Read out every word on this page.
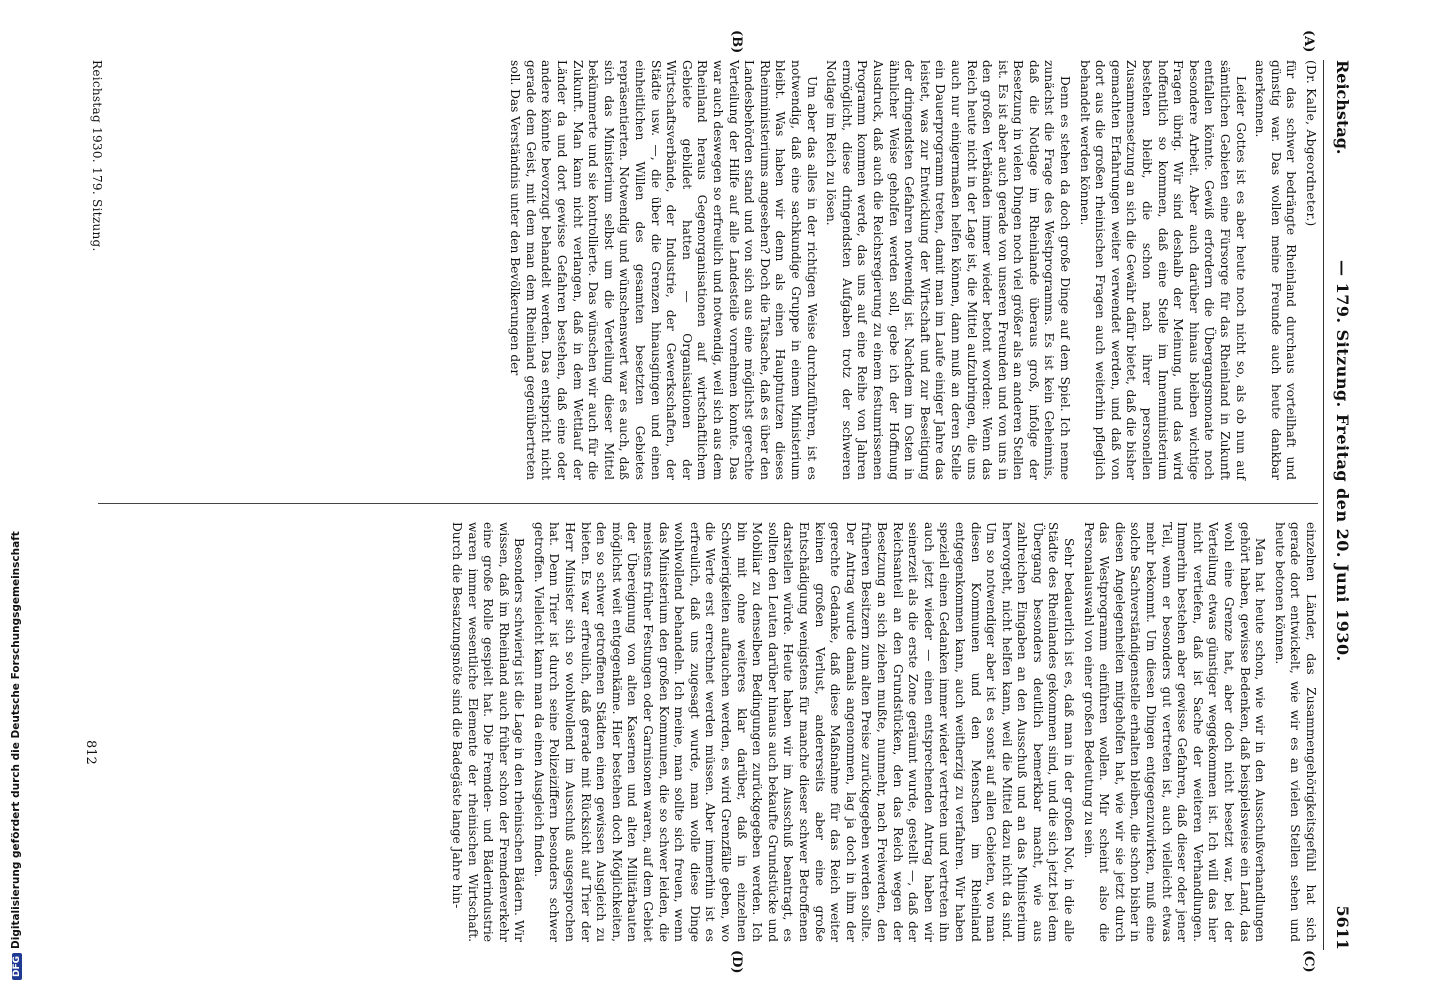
Reichstag.
— 179. Sitzung. Freitag den 20. Juni 1930.
5611
(A)
(B)
(C)
(D)

(Dr. Kalle, Abgeordneter.)

für das schwer bedrängte Rheinland durchaus vorteilhaft und günstig war. Das wollen meine Freunde auch heute dankbar anerkennen.

Leider Gottes ist es aber heute noch nicht so, als ob nun auf sämtlichen Gebieten eine Fürsorge für das Rheinland in Zukunft entfallen könnte. Gewiß erfordern die Übergangsmonate noch besondere Arbeit. Aber auch darüber hinaus bleiben wichtige Fragen übrig. Wir sind deshalb der Meinung, und das wird hoffentlich so kommen, daß eine Stelle im Innenministerium bestehen bleibt, die schon nach ihrer personellen Zusammensetzung an sich die Gewähr dafür bietet, daß die bisher gemachten Erfahrungen weiter verwendet werden, und daß von dort aus die großen rheinischen Fragen auch weiterhin pfleglich behandelt werden können.

Denn es stehen da doch große Dinge auf dem Spiel. Ich nenne zunächst die Frage des Westprogramms. Es ist kein Geheimnis, daß die Notlage im Rheinlande überaus groß, infolge der Besetzung in vielen Dingen noch viel größer als an anderen Stellen ist. Es ist aber auch gerade von unseren Freunden und von uns in den großen Verbänden immer wieder betont worden: Wenn das Reich heute nicht in der Lage ist, die Mittel aufzubringen, die uns auch nur einigermaßen helfen können, dann muß an deren Stelle ein Dauerprogramm treten, damit man im Laufe einiger Jahre das leistet, was zur Entwicklung der Wirtschaft und zur Beseitigung der dringendsten Gefahren notwendig ist. Nachdem im Osten in ähnlicher Weise geholfen werden soll, gebe ich der Hoffnung Ausdruck, daß auch die Reichsregierung zu einem festumrissenen Programm kommen werde, das uns auf eine Reihe von Jahren ermöglicht, diese dringendsten Aufgaben trotz der schweren Notlage im Reich zu lösen.

Um aber das alles in der richtigen Weise durchzuführen, ist es notwendig, daß eine sachkundige Gruppe in einem Ministerium bleibt. Was haben wir denn als einen Hauptnutzen dieses Rheinministeriums angesehen? Doch die Tatsache, daß es über den Landesbehörden stand und von sich aus eine möglichst gerechte Verteilung der Hilfe auf alle Landesteile vornehmen konnte. Das war auch deswegen so erfreulich und notwendig, weil sich aus dem Rheinland heraus Gegenorganisationen auf wirtschaftlichem Gebiete gebildet hatten — Organisationen der Wirtschaftsverbände, der Industrie, der Gewerkschaften, der Städte usw. —, die über die Grenzen hinausgingen und einen einheitlichen Willen des gesamten besetzten Gebietes repräsentierten. Notwendig und wünschenswert war es auch, daß sich das Ministerium selbst um die Verteilung dieser Mittel bekümmerte und sie kontrollierte. Das wünschen wir auch für die Zukunft. Man kann nicht verlangen, daß in dem Wettlauf der Länder da und dort gewisse Gefahren bestehen, daß eine oder andere könnte bevorzugt behandelt werden. Das entspricht nicht gerade dem Geist, mit dem man dem Rheinland gegenübertreten soll. Das Verständnis unter den Bevölkerungen der

einzelnen Länder, das Zusammengehörigkeitsgefühl hat sich gerade dort entwickelt, wie wir es an vielen Stellen sehen und heute betonen können.

Man hat heute schon, wie wir in den Ausschußverhandlungen gehört haben, gewisse Bedenken, daß beispielsweise ein Land, das wohl eine Grenze hat, aber doch nicht besetzt war, bei der Verteilung etwas günstiger weggekommen ist. Ich will das hier nicht vertiefen, daß ist Sache der weiteren Verhandlungen. Immerhin bestehen aber gewisse Gefahren, daß dieser oder jener Teil, wenn er besonders gut vertreten ist, auch vielleicht etwas mehr bekommt. Um diesen Dingen entgegenzuwirken, muß eine solche Sachverständigenstelle erhalten bleiben, die schon bisher in diesen Angelegenheiten mitgeholfen hat, wie wir sie jetzt durch das Westprogramm einführen wollen. Mir scheint also die Personalauswahl von einer großen Bedeutung zu sein.

Sehr bedauerlich ist es, daß man in der großen Not, in die alle Städte des Rheinlandes gekommen sind, und die sich jetzt bei dem Übergang besonders deutlich bemerkbar macht, wie aus zahlreichen Eingaben an den Ausschuß und an das Ministerium hervorgeht, nicht helfen kann, weil die Mittel dazu nicht da sind. Um so notwendiger aber ist es sonst auf allen Gebieten, wo man diesen Kommunen und den Menschen im Rheinland entgegenkommen kann, auch weitherzig zu verfahren. Wir haben speziell einen Gedanken immer wieder vertreten und vertreten ihn auch jetzt wieder — einen entsprechenden Antrag haben wir seinerzeit als die erste Zone geräumt wurde, gestellt —, daß der Reichsanteil an den Grundstücken, den das Reich wegen der Besetzung an sich ziehen mußte, nunmehr, nach Freiwerden, den früheren Besitzern zum alten Preise zurückgegeben werden sollte. Der Antrag wurde damals angenommen, lag ja doch in ihm der gerechte Gedanke, daß diese Maßnahme für das Reich weiter keinen großen Verlust, andererseits aber eine große Entschädigung wenigstens für manche dieser schwer Betroffenen darstellen würde. Heute haben wir im Ausschuß beantragt, es sollten den Leuten darüber hinaus auch bekaufte Grundstücke und Mobiliar zu denselben Bedingungen zurückgegeben werden. Ich bin mit ohne weiteres klar darüber, daß in einzelnen Schwierigkeiten auftauchen werden, es wird Grenzfälle geben, wo die Werte erst errechnet werden müssen. Aber immerhin ist es erfreulich, daß uns zugesagt wurde, man wolle diese Dinge wohlwollend behandeln. Ich meine, man sollte sich freuen, wenn das Ministerium den großen Kommunen, die so schwer leiden, die meistens früher Festungen oder Garnisonen waren, auf dem Gebiet der Übereignung von alten Kasernen und alten Militärbauten möglichst weit entgegenkäme. Hier bestehen doch Möglichkeiten, den so schwer getroffenen Städten einen gewissen Ausgleich zu bieten. Es war erfreulich, daß gerade mit Rücksicht auf Trier der Herr Minister sich so wohlwollend im Ausschuß ausgesprochen hat. Denn Trier ist durch seine Polizeiziffern besonders schwer getroffen. Vielleicht kann man da einen Ausgleich finden.

Besonders schwierig ist die Lage in den rheinischen Bädern. Wir wissen, daß im Rheinland auch früher schon der Fremdenverkehr eine große Rolle gespielt hat. Die Fremden- und Bäderindustrie waren immer wesentliche Elemente der rheinischen Wirtschaft. Durch die Besatzungsnöte sind die Badegäste lange Jahre hin-

Reichstag 1930. 179. Sitzung.
812
DFGDigitalisierung gefördert durch die Deutsche Forschungsgemeinschaft
